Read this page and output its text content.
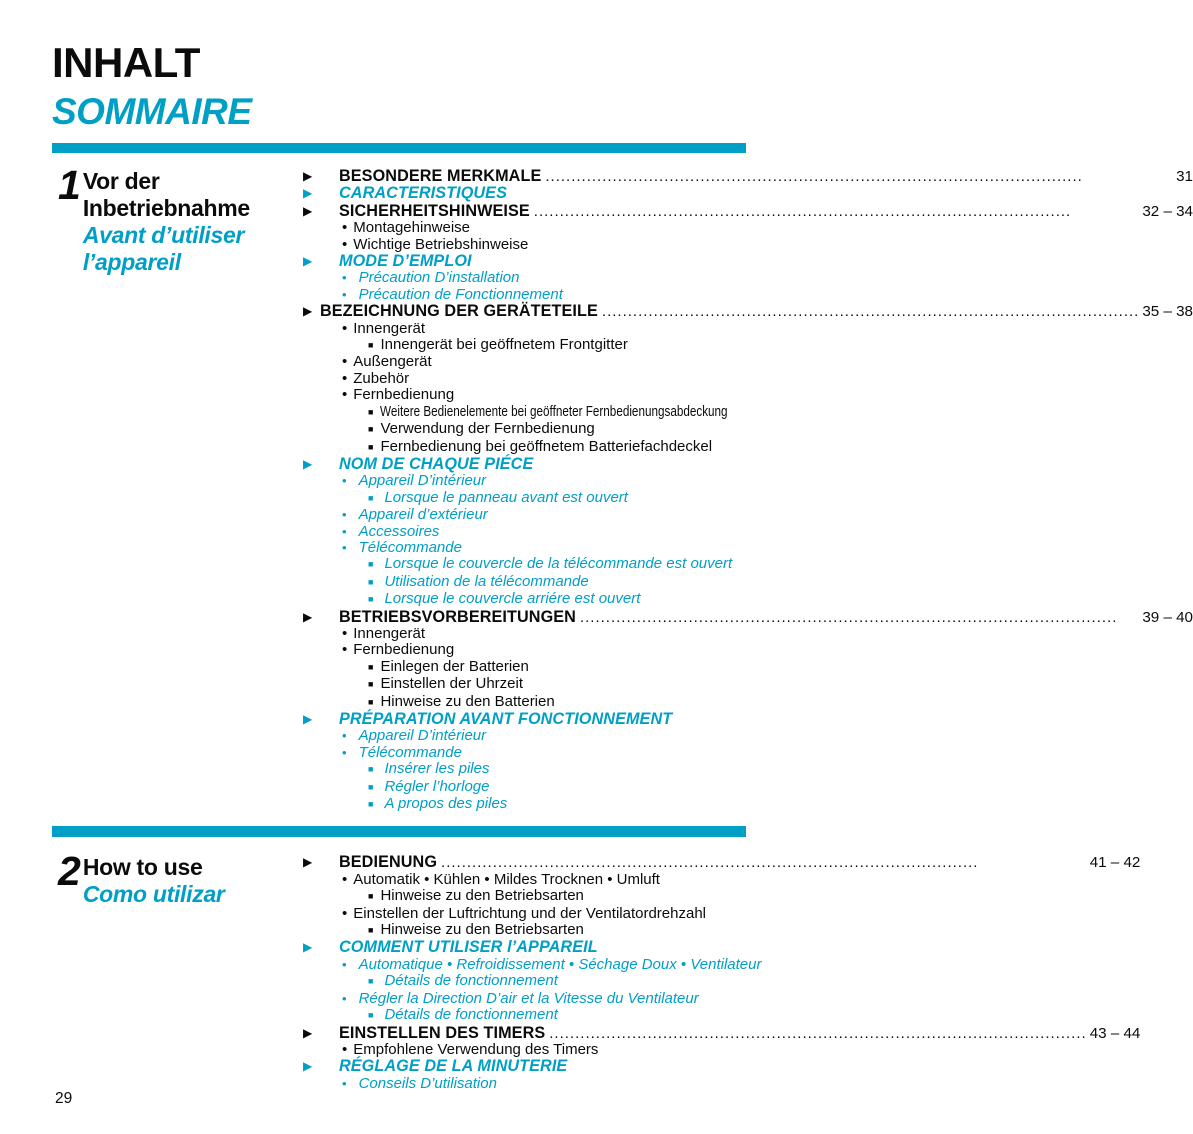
INHALT
SOMMAIRE
1 Vor der
Inbetriebnahme
Avant d’utiliser
l’appareil
▶	BESONDERE MERKMALE .....	31
▶	CARACTERISTIQUES
▶	SICHERHEITSHINWEISE .....	32 – 34
• Montagehinweise
• Wichtige Betriebshinweise
▶	MODE D’EMPLOI
• Précaution D’installation
• Précaution de Fonctionnement
▶ BEZEICHNUNG DER GERÄTETEILE .....	35 – 38
• Innengerät
■ Innengerät bei geöffnetem Frontgitter
• Außengerät
• Zubehör
• Fernbedienung
■ Weitere Bedienelemente bei geöffneter Fernbedienungsabdeckung
■ Verwendung der Fernbedienung
■ Fernbedienung bei geöffnetem Batteriefachdeckel
▶	NOM DE CHAQUE PIÉCE
• Appareil D’intérieur
■ Lorsque le panneau avant est ouvert
• Appareil d’extérieur
• Accessoires
• Télécommande
■ Lorsque le couvercle de la télécommande est ouvert
■ Utilisation de la télécommande
■ Lorsque le couvercle arriére est ouvert
▶	BETRIEBSVORBEREITUNGEN .....	39 – 40
• Innengerät
• Fernbedienung
■ Einlegen der Batterien
■ Einstellen der Uhrzeit
■ Hinweise zu den Batterien
▶	PRÉPARATION AVANT FONCTIONNEMENT
• Appareil D’intérieur
• Télécommande
■ Insérer les piles
■ Régler l’horloge
■ A propos des piles
2 How to use
Como utilizar
▶	BEDIENUNG .....	41 – 42
• Automatik • Kühlen • Mildes Trocknen • Umluft
■ Hinweise zu den Betriebsarten
• Einstellen der Luftrichtung und der Ventilatordrehzahl
■ Hinweise zu den Betriebsarten
▶	COMMENT UTILISER l’APPAREIL
• Automatique • Refroidissement • Séchage Doux • Ventilateur
■ Détails de fonctionnement
• Régler la Direction D’air et la Vitesse du Ventilateur
■ Détails de fonctionnement
▶	EINSTELLEN DES TIMERS .....	43 – 44
• Empfohlene Verwendung des Timers
▶	RÉGLAGE DE LA MINUTERIE
• Conseils D’utilisation
29
